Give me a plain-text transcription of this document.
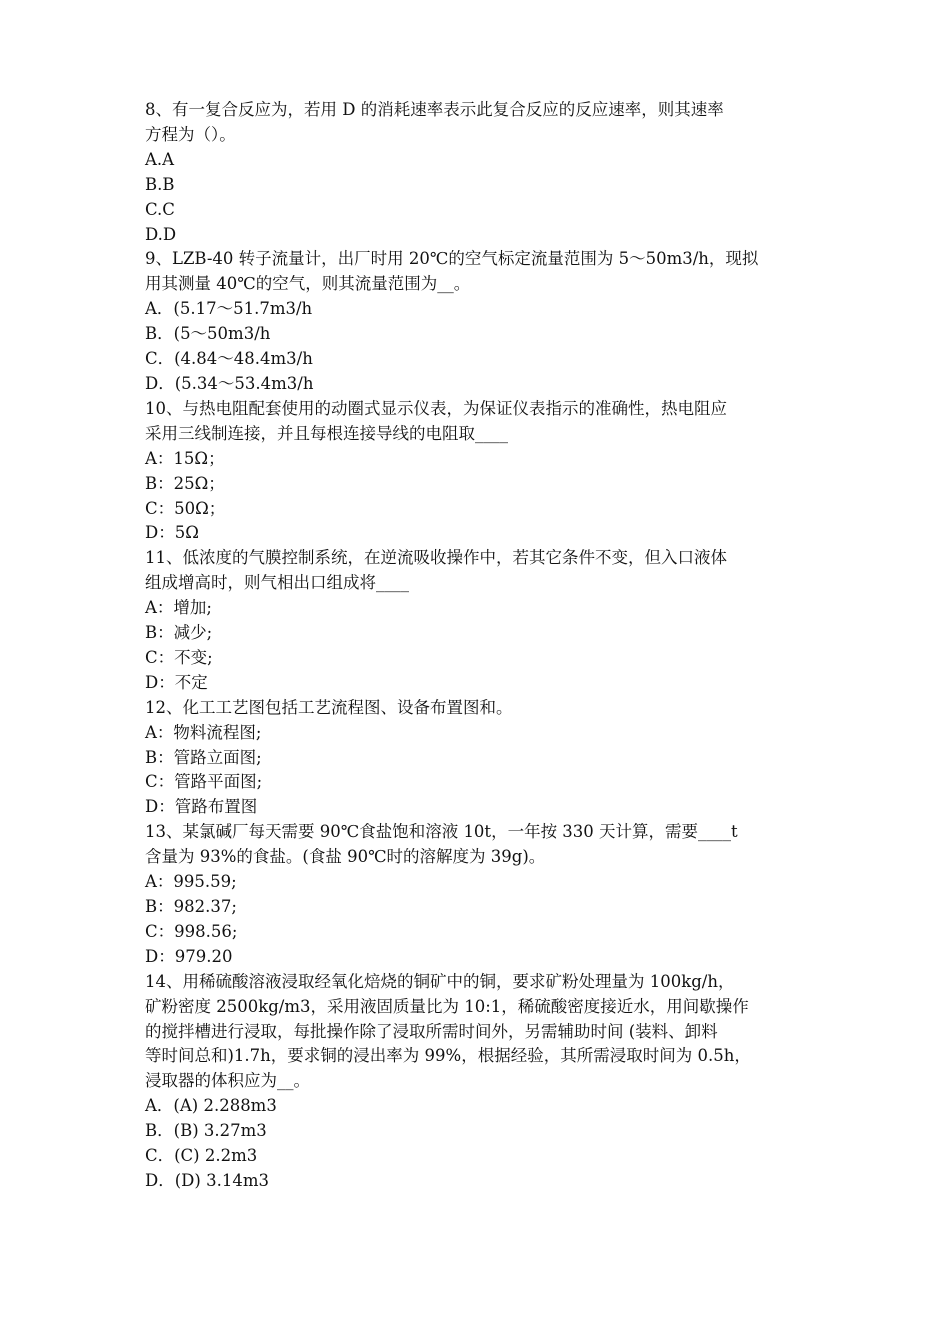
8、有一复合反应为，若用 D 的消耗速率表示此复合反应的反应速率，则其速率
方程为（）。
A.A
B.B
C.C
D.D
9、LZB-40 转子流量计，出厂时用 20℃的空气标定流量范围为 5～50m3/h，现拟
用其测量 40℃的空气，则其流量范围为__。
A．(5.17～51.7m3/h
B．(5～50m3/h
C．(4.84～48.4m3/h
D．(5.34～53.4m3/h
10、与热电阻配套使用的动圈式显示仪表，为保证仪表指示的准确性，热电阻应
采用三线制连接，并且每根连接导线的电阻取____
A：15Ω；
B：25Ω；
C：50Ω；
D：5Ω
11、低浓度的气膜控制系统，在逆流吸收操作中，若其它条件不变，但入口液体
组成增高时，则气相出口组成将____
A：增加;
B：减少;
C：不变;
D：不定
12、化工工艺图包括工艺流程图、设备布置图和。
A：物料流程图;
B：管路立面图;
C：管路平面图;
D：管路布置图
13、某氯碱厂每天需要 90℃食盐饱和溶液 10t，一年按 330 天计算，需要____t
含量为 93%的食盐。(食盐 90℃时的溶解度为 39g)。
A：995.59;
B：982.37;
C：998.56;
D：979.20
14、用稀硫酸溶液浸取经氧化焙烧的铜矿中的铜，要求矿粉处理量为 100kg/h，
矿粉密度 2500kg/m3，采用液固质量比为 10:1，稀硫酸密度接近水，用间歇操作
的搅拌槽进行浸取，每批操作除了浸取所需时间外，另需辅助时间 (装料、卸料
等时间总和)1.7h，要求铜的浸出率为 99%，根据经验，其所需浸取时间为 0.5h，
浸取器的体积应为__。
A．(A) 2.288m3
B．(B) 3.27m3
C．(C) 2.2m3
D．(D) 3.14m3
